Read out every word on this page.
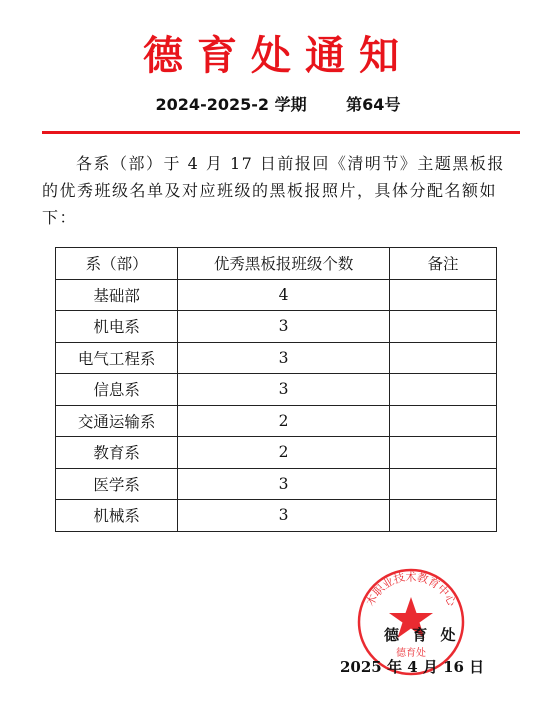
德育处通知
2024-2025-2 学期 第64号
各系（部）于 4 月 17 日前报回《清明节》主题黑板报的优秀班级名单及对应班级的黑板报照片，具体分配名额如下：
系（部）	优秀黑板报班级个数	备注
基础部	4	
机电系	3	
电气工程系	3	
信息系	3	
交通运输系	2	
教育系	2	
医学系	3	
机械系	3	
木职业技术教育中心
德育处
德 育 处
2025 年 4 月 16 日
